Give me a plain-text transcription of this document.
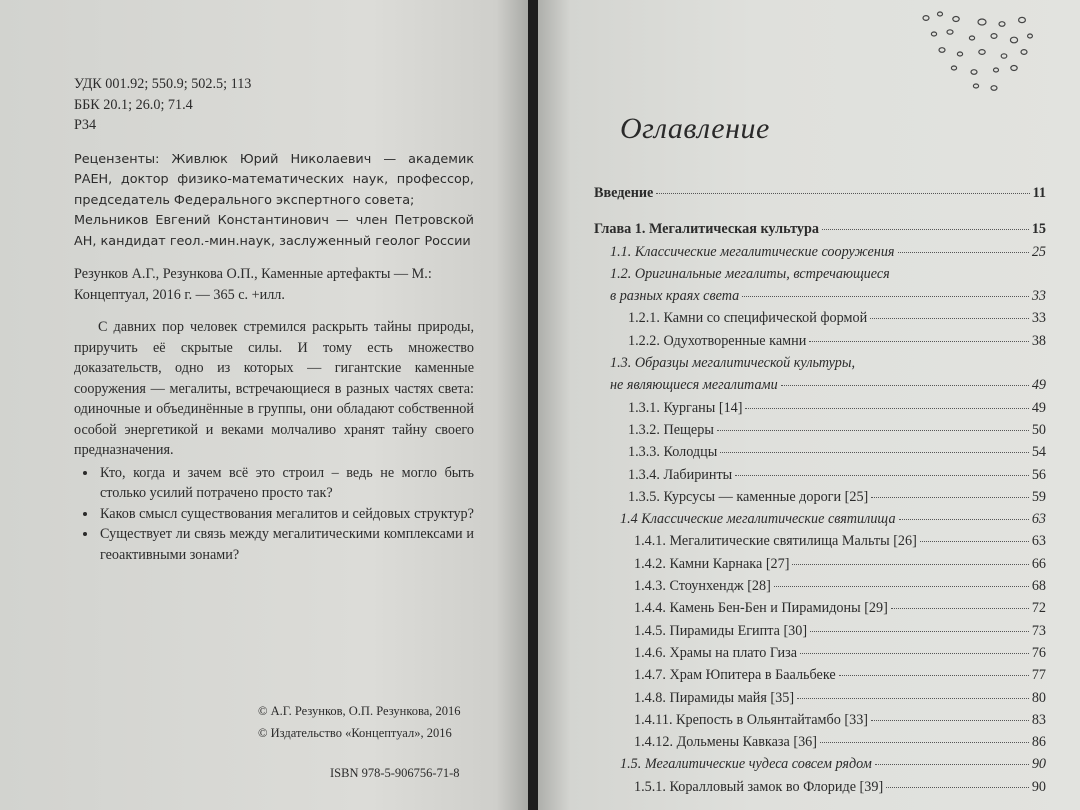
УДК 001.92; 550.9; 502.5; 113

ББК 20.1; 26.0; 71.4

Р34

Рецензенты: Живлюк Юрий Николаевич — академик РАЕН, доктор физико-математических наук, профессор, председатель Федерального экспертного совета;

Мельников Евгений Константинович — член Петровской АН, кандидат геол.-мин.наук, заслуженный геолог России

Резунков А.Г., Резункова О.П., Каменные артефакты — М.: Концептуал, 2016 г. — 365 с. +илл.

С давних пор человек стремился раскрыть тайны природы, приручить её скрытые силы. И тому есть множество доказательств, одно из которых — гигантские каменные сооружения — мегалиты, встречающиеся в разных частях света: одиночные и объединённые в группы, они обладают собственной особой энергетикой и веками молчаливо хранят тайну своего предназначения.

• Кто, когда и зачем всё это строил – ведь не могло быть столько усилий потрачено просто так?
• Каков смысл существования мегалитов и сейдовых структур?
• Существует ли связь между мегалитическими комплексами и геоактивными зонами?
© А.Г. Резунков, О.П. Резункова, 2016
© Издательство «Концептуал», 2016
ISBN 978-5-906756-71-8
Оглавление
Введение	11
Глава 1. Мегалитическая культура	15
1.1. Классические мегалитические сооружения	25
1.2. Оригинальные мегалиты, встречающиеся
в разных краях света	33
1.2.1. Камни со специфической формой	33
1.2.2. Одухотворенные камни	38
1.3. Образцы мегалитической культуры,
не являющиеся мегалитами	49
1.3.1. Курганы [14]	49
1.3.2. Пещеры	50
1.3.3. Колодцы	54
1.3.4. Лабиринты	56
1.3.5. Курсусы — каменные дороги [25]	59
1.4 Классические мегалитические святилища	63
1.4.1. Мегалитические святилища Мальты [26]	63
1.4.2. Камни Карнака [27]	66
1.4.3. Стоунхендж [28]	68
1.4.4. Камень Бен-Бен и Пирамидоны [29]	72
1.4.5. Пирамиды Египта [30]	73
1.4.6. Храмы на плато Гиза	76
1.4.7. Храм Юпитера в Баальбеке	77
1.4.8. Пирамиды майя [35]	80
1.4.11. Крепость в Ольянтайтамбо [33]	83
1.4.12. Дольмены Кавказа [36]	86
1.5. Мегалитические чудеса совсем рядом	90
1.5.1. Коралловый замок во Флориде [39]	90
